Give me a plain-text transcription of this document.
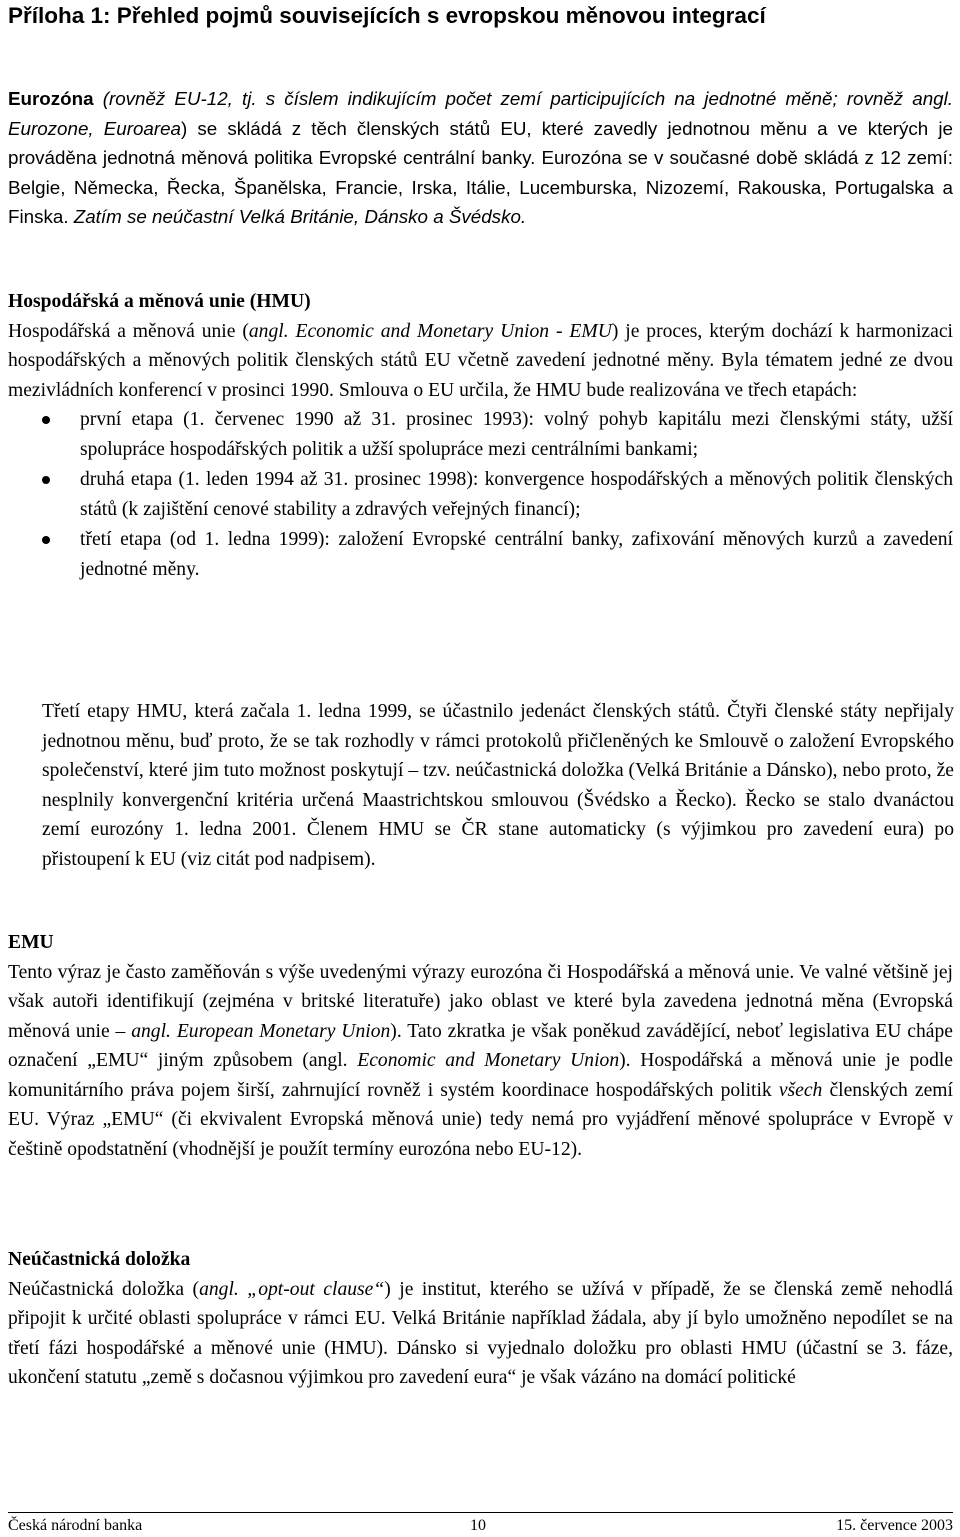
Příloha 1: Přehled pojmů souvisejících s evropskou měnovou integrací
Eurozóna (rovněž EU-12, tj. s číslem indikujícím počet zemí participujících na jednotné měně; rovněž angl. Eurozone, Euroarea) se skládá z těch členských států EU, které zavedly jednotnou měnu a ve kterých je prováděna jednotná měnová politika Evropské centrální banky. Eurozóna se v současné době skládá z 12 zemí: Belgie, Německa, Řecka, Španělska, Francie, Irska, Itálie, Lucemburska, Nizozemí, Rakouska, Portugalska a Finska. Zatím se neúčastní Velká Británie, Dánsko a Švédsko.
Hospodářská a měnová unie (HMU)
Hospodářská a měnová unie (angl. Economic and Monetary Union - EMU) je proces, kterým dochází k harmonizaci hospodářských a měnových politik členských států EU včetně zavedení jednotné měny. Byla tématem jedné ze dvou mezivládních konferencí v prosinci 1990. Smlouva o EU určila, že HMU bude realizována ve třech etapách:
první etapa (1. červenec 1990 až 31. prosinec 1993): volný pohyb kapitálu mezi členskými státy, užší spolupráce hospodářských politik a užší spolupráce mezi centrálními bankami;
druhá etapa (1. leden 1994 až 31. prosinec 1998): konvergence hospodářských a měnových politik členských států (k zajištění cenové stability a zdravých veřejných financí);
třetí etapa (od 1. ledna 1999): založení Evropské centrální banky, zafixování měnových kurzů a zavedení jednotné měny.
Třetí etapy HMU, která začala 1. ledna 1999, se účastnilo jedenáct členských států. Čtyři členské státy nepřijaly jednotnou měnu, buď proto, že se tak rozhodly v rámci protokolů přičleněných ke Smlouvě o založení Evropského společenství, které jim tuto možnost poskytují – tzv. neúčastnická doložka (Velká Británie a Dánsko), nebo proto, že nesplnily konvergenční kritéria určená Maastrichtskou smlouvou (Švédsko a Řecko). Řecko se stalo dvanáctou zemí eurozóny 1. ledna 2001. Členem HMU se ČR stane automaticky (s výjimkou pro zavedení eura) po přistoupení k EU (viz citát pod nadpisem).
EMU
Tento výraz je často zaměňován s výše uvedenými výrazy eurozóna či Hospodářská a měnová unie. Ve valné většině jej však autoři identifikují (zejména v britské literatuře) jako oblast ve které byla zavedena jednotná měna (Evropská měnová unie – angl. European Monetary Union). Tato zkratka je však poněkud zavádějící, neboť legislativa EU chápe označení „EMU“ jiným způsobem (angl. Economic and Monetary Union). Hospodářská a měnová unie je podle komunitárního práva pojem širší, zahrnující rovněž i systém koordinace hospodářských politik všech členských zemí EU. Výraz „EMU“ (či ekvivalent Evropská měnová unie) tedy nemá pro vyjádření měnové spolupráce v Evropě v češtině opodstatnění (vhodnější je použít termíny eurozóna nebo EU-12).
Neúčastnická doložka
Neúčastnická doložka (angl. „opt-out clause“) je institut, kterého se užívá v případě, že se členská země nehodlá připojit k určité oblasti spolupráce v rámci EU. Velká Británie například žádala, aby jí bylo umožněno nepodílet se na třetí fázi hospodářské a měnové unie (HMU). Dánsko si vyjednalo doložku pro oblasti HMU (účastní se 3. fáze, ukončení statutu „země s dočasnou výjimkou pro zavedení eura“ je však vázáno na domácí politické
Česká národní banka	10	15. července 2003
